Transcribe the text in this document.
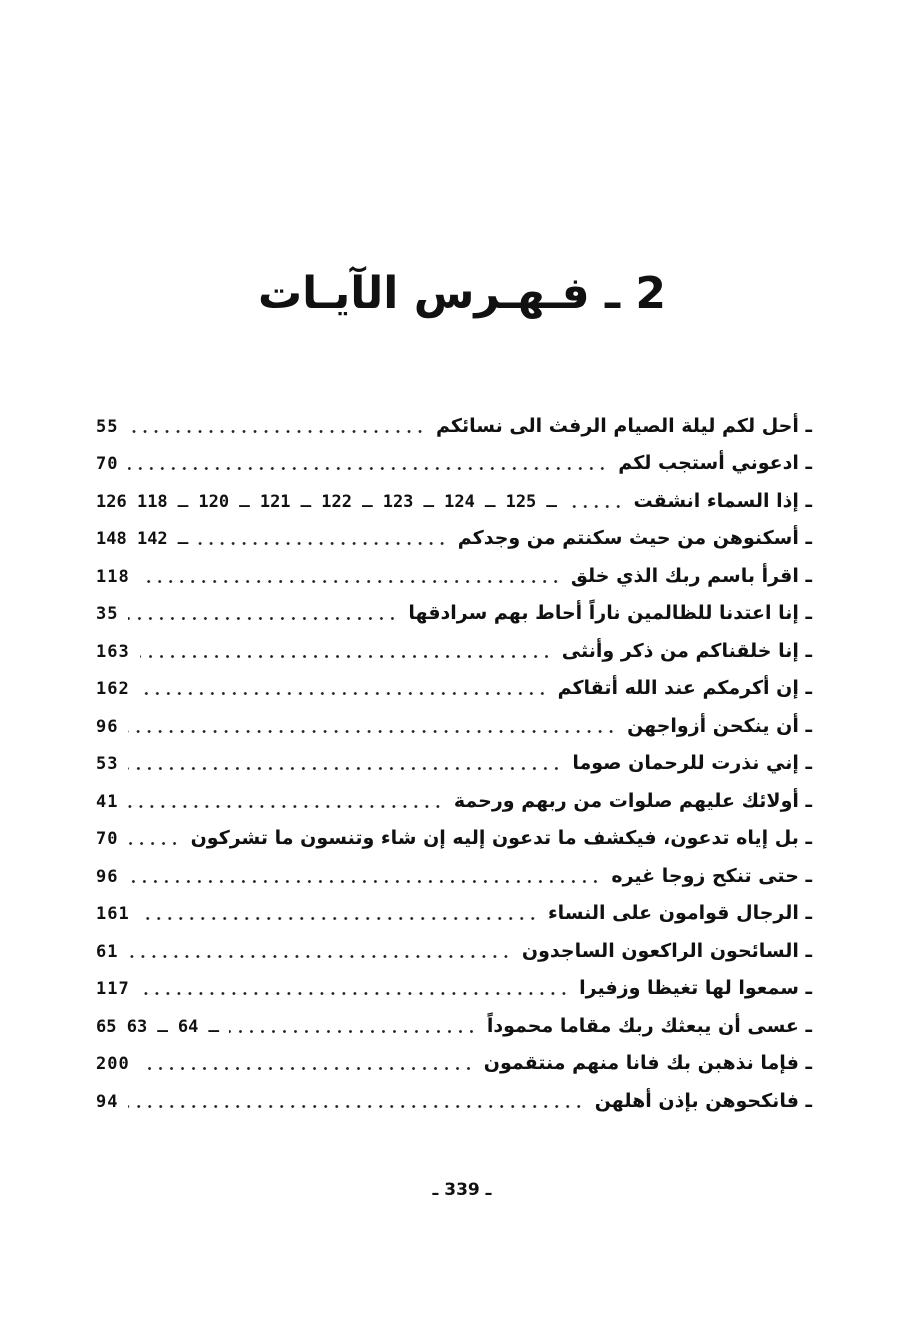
2 ـ فـهـرس الآيـات
ـ أحل لكم ليلة الصيام الرفث الى نسائكم
55
ـ ادعوني أستجب لكم
70
ـ إذا السماء انشقت
126 ـ 125 ـ 124 ـ 123 ـ 122 ـ 121 ـ 120 ـ 118
ـ أسكنوهن من حيث سكنتم من وجدكم
148 ـ 142
ـ اقرأ باسم ربك الذي خلق
118
ـ إنا اعتدنا للظالمين ناراً أحاط بهم سرادقها
35
ـ إنا خلقناكم من ذكر وأنثى
163
ـ إن أكرمكم عند الله أتقاكم
162
ـ أن ينكحن أزواجهن
96
ـ إني نذرت للرحمان صوما
53
ـ أولائك عليهم صلوات من ربهم ورحمة
41
ـ بل إياه تدعون، فيكشف ما تدعون إليه إن شاء وتنسون ما تشركون
70
ـ حتى تنكح زوجا غيره
96
ـ الرجال قوامون على النساء
161
ـ السائحون الراكعون الساجدون
61
ـ سمعوا لها تغيظا وزفيرا
117
ـ عسى أن يبعثك ربك مقاما محموداً
65 ـ 64 ـ 63
ـ فإما نذهبن بك فانا منهم منتقمون
200
ـ فانكحوهن بإذن أهلهن
94
ـ 339 ـ
